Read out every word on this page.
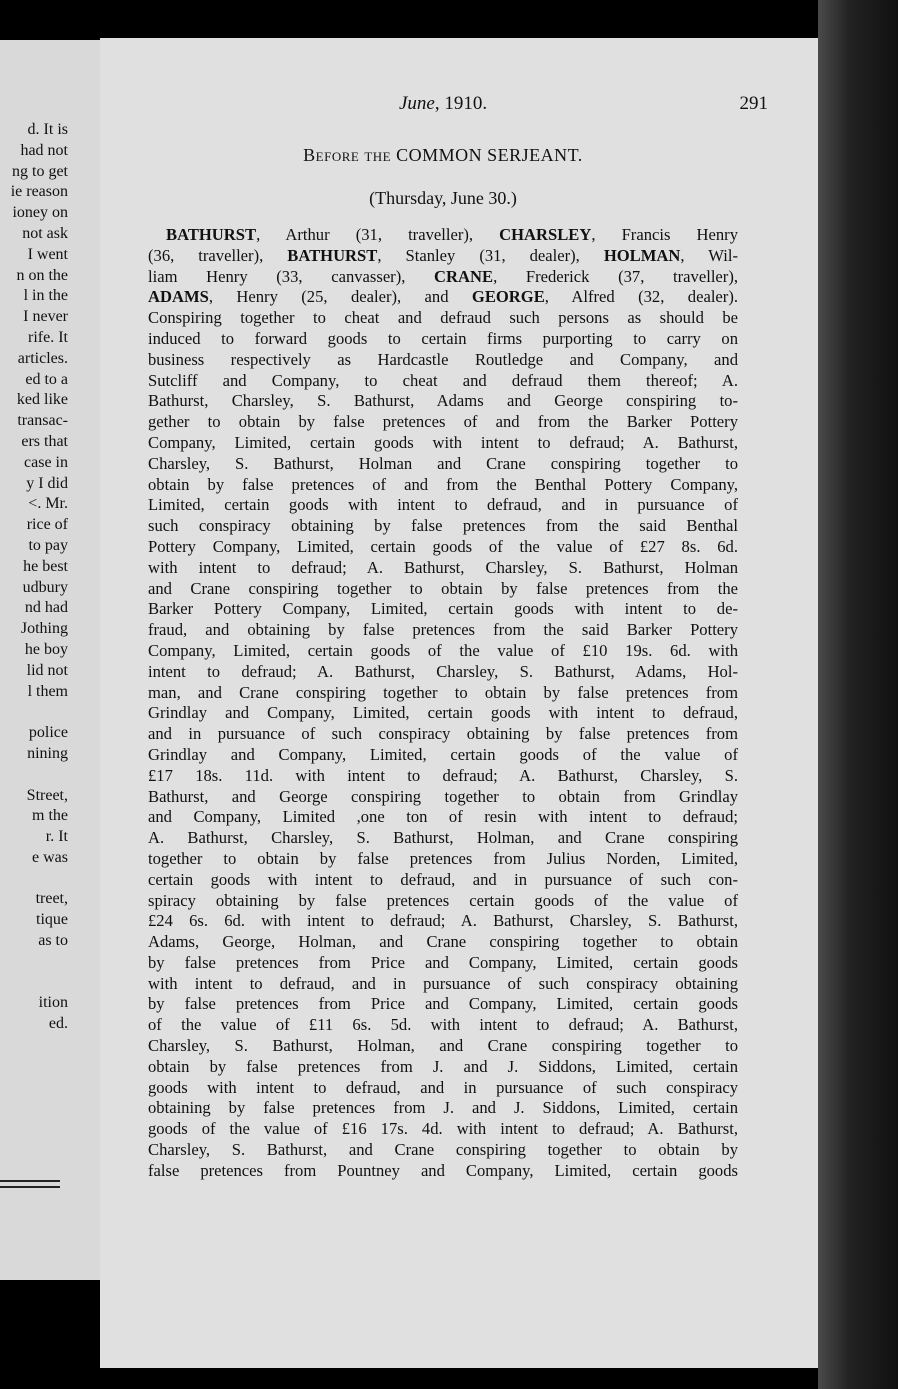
d. It is
had not
ng to get
ie reason
ioney on
not ask
I went
n on the
l in the
I never
rife. It
articles.
ed to a
ked like
transac-
ers that
case in
y I did
<. Mr.
rice of
to pay
he best
udbury
nd had
Jothing
he boy
lid not
l them
police
nining
Street,
m the
r. It
e was
treet,
tique
as to
ition
ed.
June, 1910.	291
Before the COMMON SERJEANT.
(Thursday, June 30.)
BATHURST, Arthur (31, traveller), CHARSLEY, Francis Henry
(36, traveller), BATHURST, Stanley (31, dealer), HOLMAN, Wil-
liam Henry (33, canvasser), CRANE, Frederick (37, traveller),
ADAMS, Henry (25, dealer), and GEORGE, Alfred (32, dealer).
Conspiring together to cheat and defraud such persons as should be
induced to forward goods to certain firms purporting to carry on
business respectively as Hardcastle Routledge and Company, and
Sutcliff and Company, to cheat and defraud them thereof; A.
Bathurst, Charsley, S. Bathurst, Adams and George conspiring to-
gether to obtain by false pretences of and from the Barker Pottery
Company, Limited, certain goods with intent to defraud; A. Bathurst,
Charsley, S. Bathurst, Holman and Crane conspiring together to
obtain by false pretences of and from the Benthal Pottery Company,
Limited, certain goods with intent to defraud, and in pursuance of
such conspiracy obtaining by false pretences from the said Benthal
Pottery Company, Limited, certain goods of the value of £27 8s. 6d.
with intent to defraud; A. Bathurst, Charsley, S. Bathurst, Holman
and Crane conspiring together to obtain by false pretences from the
Barker Pottery Company, Limited, certain goods with intent to de-
fraud, and obtaining by false pretences from the said Barker Pottery
Company, Limited, certain goods of the value of £10 19s. 6d. with
intent to defraud; A. Bathurst, Charsley, S. Bathurst, Adams, Hol-
man, and Crane conspiring together to obtain by false pretences from
Grindlay and Company, Limited, certain goods with intent to defraud,
and in pursuance of such conspiracy obtaining by false pretences from
Grindlay and Company, Limited, certain goods of the value of
£17 18s. 11d. with intent to defraud; A. Bathurst, Charsley, S.
Bathurst, and George conspiring together to obtain from Grindlay
and Company, Limited ,one ton of resin with intent to defraud;
A. Bathurst, Charsley, S. Bathurst, Holman, and Crane conspiring
together to obtain by false pretences from Julius Norden, Limited,
certain goods with intent to defraud, and in pursuance of such con-
spiracy obtaining by false pretences certain goods of the value of
£24 6s. 6d. with intent to defraud; A. Bathurst, Charsley, S. Bathurst,
Adams, George, Holman, and Crane conspiring together to obtain
by false pretences from Price and Company, Limited, certain goods
with intent to defraud, and in pursuance of such conspiracy obtaining
by false pretences from Price and Company, Limited, certain goods
of the value of £11 6s. 5d. with intent to defraud; A. Bathurst,
Charsley, S. Bathurst, Holman, and Crane conspiring together to
obtain by false pretences from J. and J. Siddons, Limited, certain
goods with intent to defraud, and in pursuance of such conspiracy
obtaining by false pretences from J. and J. Siddons, Limited, certain
goods of the value of £16 17s. 4d. with intent to defraud; A. Bathurst,
Charsley, S. Bathurst, and Crane conspiring together to obtain by
false pretences from Pountney and Company, Limited, certain goods
